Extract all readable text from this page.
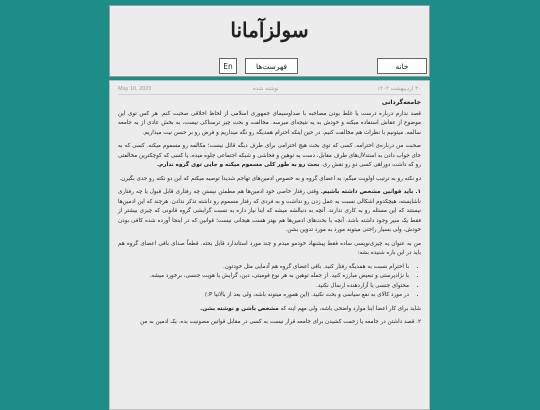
سولزآمانا
En	فهرست‌ها	خانه
May 10, 2023	نوشته شده	۲۰ اردیبهشت ۱۴۰۲
جامعه‌گردانی

قصد ندارم درباره درست یا غلط بودن مصاحبه با صداوسیمای جمهوری اسلامی از لحاظ اخلاقی صحبت کنم. هر کس توی این موضوع از عقاش استفاده میکنه و خودش به یه نتیجه‌ای میرسه. مخالفت و بحث چیز ترسناکی نیست، به بخش عادی از یه جامعه سالمه. میتونیم با نظرات هم مخالفت کنیم، در حین اینکه احترام همدیگه رو نگه میداریم و فرض رو بر حسن نیت میذاریم.

صحبت من درباره‌ی احترامه. کسی که توی بحث هیچ احترامی برای طرف دیگه قائل نیست؛ مکالمه رو مسموم میکنه. کسی که به جای جواب دادن به استدلال‌های طرف مقابل، دست به توهین و فحاشی و شبکه اجتماعی جلوه میده، یا کسی که کوچکترین مخالفتی رو که داشت دوراهی کسی دو رو نقش ری. بحث رو به طور کلی مسموم میکنه و جایی توی گروه ندارم.

دو نکته رو به ترتیب اولویت میگم: به اعضای گروه و به خصوص ادمین‌های تهاجم شدیدا توصیه میکنم که این دو نکته رو جدی بگیرن.

۱. باید قوانین مشخص داشته باشیم. وقتی رفتار خاصی خود ادمین‌ها هم مطمئن نیستن چه رفتاری قابل قبول یا چه رفتاری ناشایسته، هیچکدوم اشکالی نسبت به عمل زدن رو نداشت و به فردی که رفتار مسموم رو داشته تذکر ندادن. هرچند که این ادمین‌ها نیستند که این مسئله رو به کاری ندارند. آنچه به دنبالشه میشه که اینا نیاز داره به نسبت گرایشی گروه قانونی که چیزی بیشتر از فقط یک سیر وجود داشته باشد. آنچه با بحث‌های ادمین‌ها هم بهتر هست هیجانی نیست؛ قوانین که در اینجا آورده شده کافی بودن خودش، ولی بسیار راحتی میتونه مورد به مورد تدوین بشن.

من به عنوان یه چیزی‌نویسی ساده فقط پیشنهاد خودمو میدم و چند مورد استاندارد قابل بحثه. قطعاً صدای باقی اعضای گروه هم باید در این باره شنیده بشه:

• با احترام نسبت به همدیگه رفتار کنید. باقی اعضای گروه هم آدمایی مثل خودتون.
• با نژادپرستی و تبعیض مبارزه کنید. از جمله توهین به هر نوع قومیتی، دین، گرایش یا هویت جنسی، برخورد میشه.
• محتوای جنسی یا آزاردهنده ارسال نکنید.
• در مورد کالای به نفع سیاسی و بحث نکنید. (این هموره میتونه باشه، ولی بعد از بالاتیا P:)

شاید برای کار اعضا اینا موارد واضحی باشه، ولی مهم اینه که مشخص باشن و نوشته بشن.

۲. قصد داشتن در جامعه یا زحمت کشیدن برای جامعه قرار نیست به کسی در مقابل قوانین مصونیت بده. یک ادمین به من
